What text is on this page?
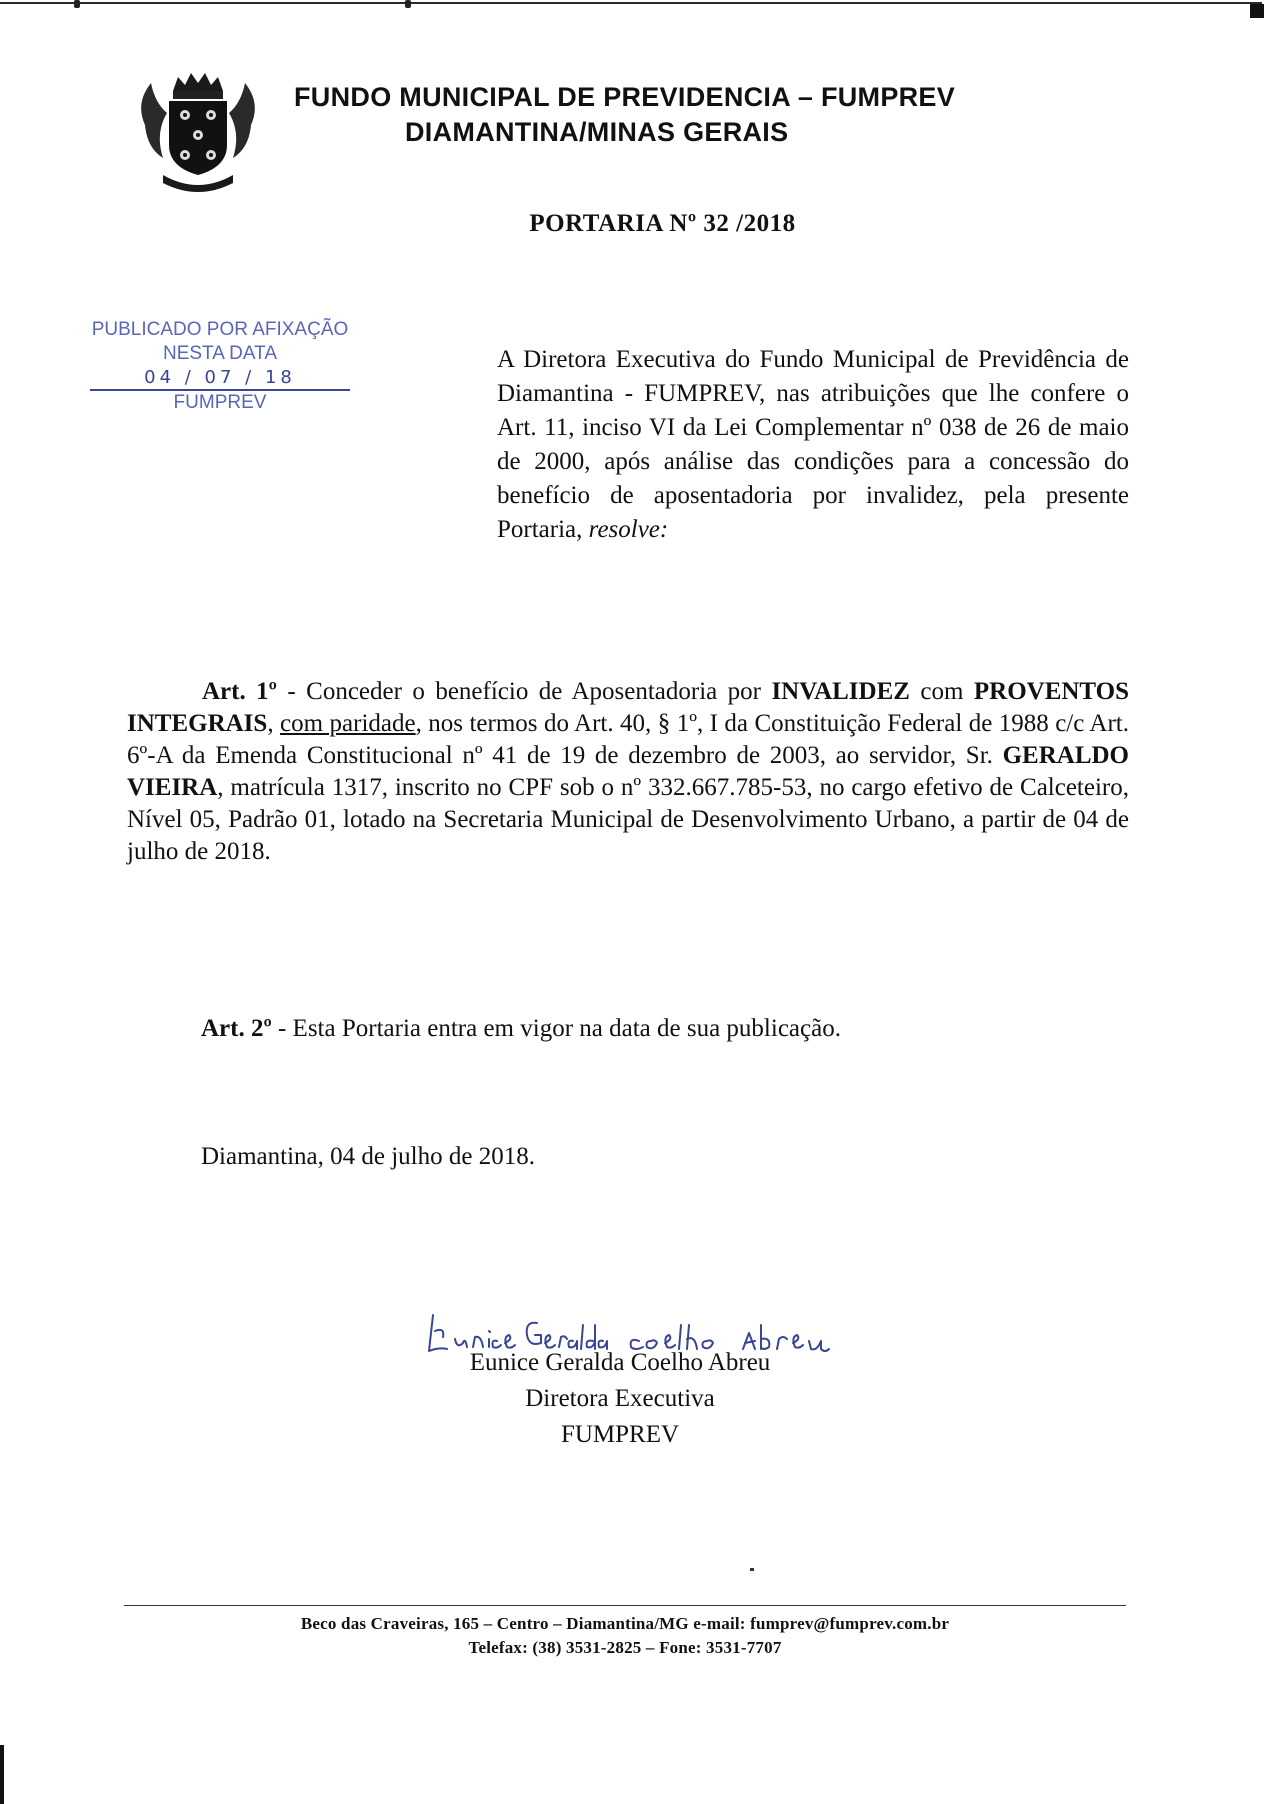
FUNDO MUNICIPAL DE PREVIDENCIA – FUMPREV
DIAMANTINA/MINAS GERAIS
PORTARIA Nº 32 /2018
PUBLICADO POR AFIXAÇÃO
NESTA DATA
04 / 07 / 18
FUMPREV
A Diretora Executiva do Fundo Municipal de Previdência de Diamantina - FUMPREV, nas atribuições que lhe confere o Art. 11, inciso VI da Lei Complementar nº 038 de 26 de maio de 2000, após análise das condições para a concessão do benefício de aposentadoria por invalidez, pela presente Portaria, resolve:
Art. 1º - Conceder o benefício de Aposentadoria por INVALIDEZ com PROVENTOS INTEGRAIS, com paridade, nos termos do Art. 40, § 1º, I da Constituição Federal de 1988 c/c Art. 6º-A da Emenda Constitucional nº 41 de 19 de dezembro de 2003, ao servidor, Sr. GERALDO VIEIRA, matrícula 1317, inscrito no CPF sob o nº 332.667.785-53, no cargo efetivo de Calceteiro, Nível 05, Padrão 01, lotado na Secretaria Municipal de Desenvolvimento Urbano, a partir de 04 de julho de 2018.
Art. 2º - Esta Portaria entra em vigor na data de sua publicação.
Diamantina, 04 de julho de 2018.
Eunice Geralda Coelho Abreu
Diretora Executiva
FUMPREV
Beco das Craveiras, 165 – Centro – Diamantina/MG e-mail: fumprev@fumprev.com.br
Telefax: (38) 3531-2825 – Fone: 3531-7707
